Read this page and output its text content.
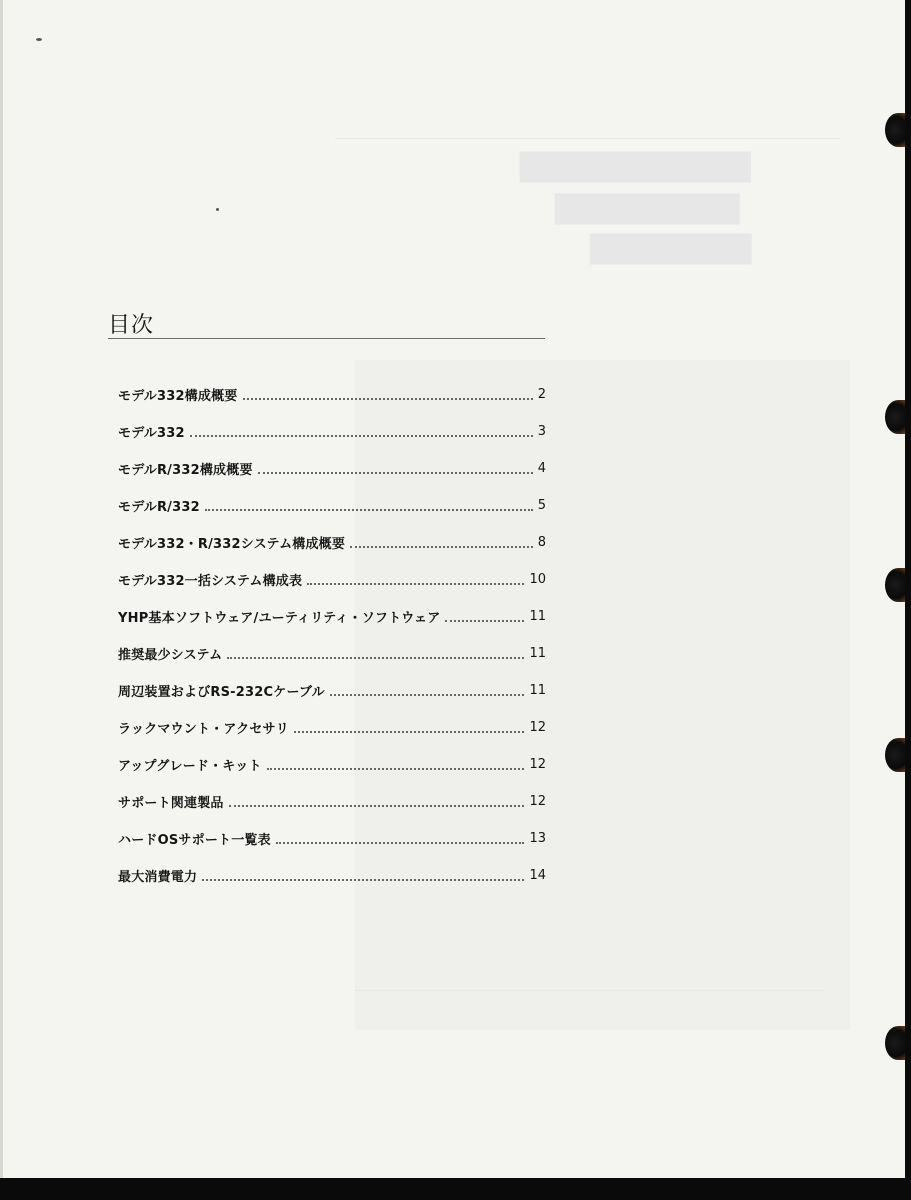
▇▇▇▇▇▇▇▇▇▇
▇▇▇▇▇▇▇▇
▇▇▇▇▇▇▇
目次
モデル332構成概要	2
モデル332	3
モデルR/332構成概要	4
モデルR/332	5
モデル332・R/332システム構成概要	8
モデル332一括システム構成表	10
YHP基本ソフトウェア/ユーティリティ・ソフトウェア	11
推奨最少システム	11
周辺装置およびRS-232Cケーブル	11
ラックマウント・アクセサリ	12
アップグレード・キット	12
サポート関連製品	12
ハードOSサポート一覧表	13
最大消費電力	14
